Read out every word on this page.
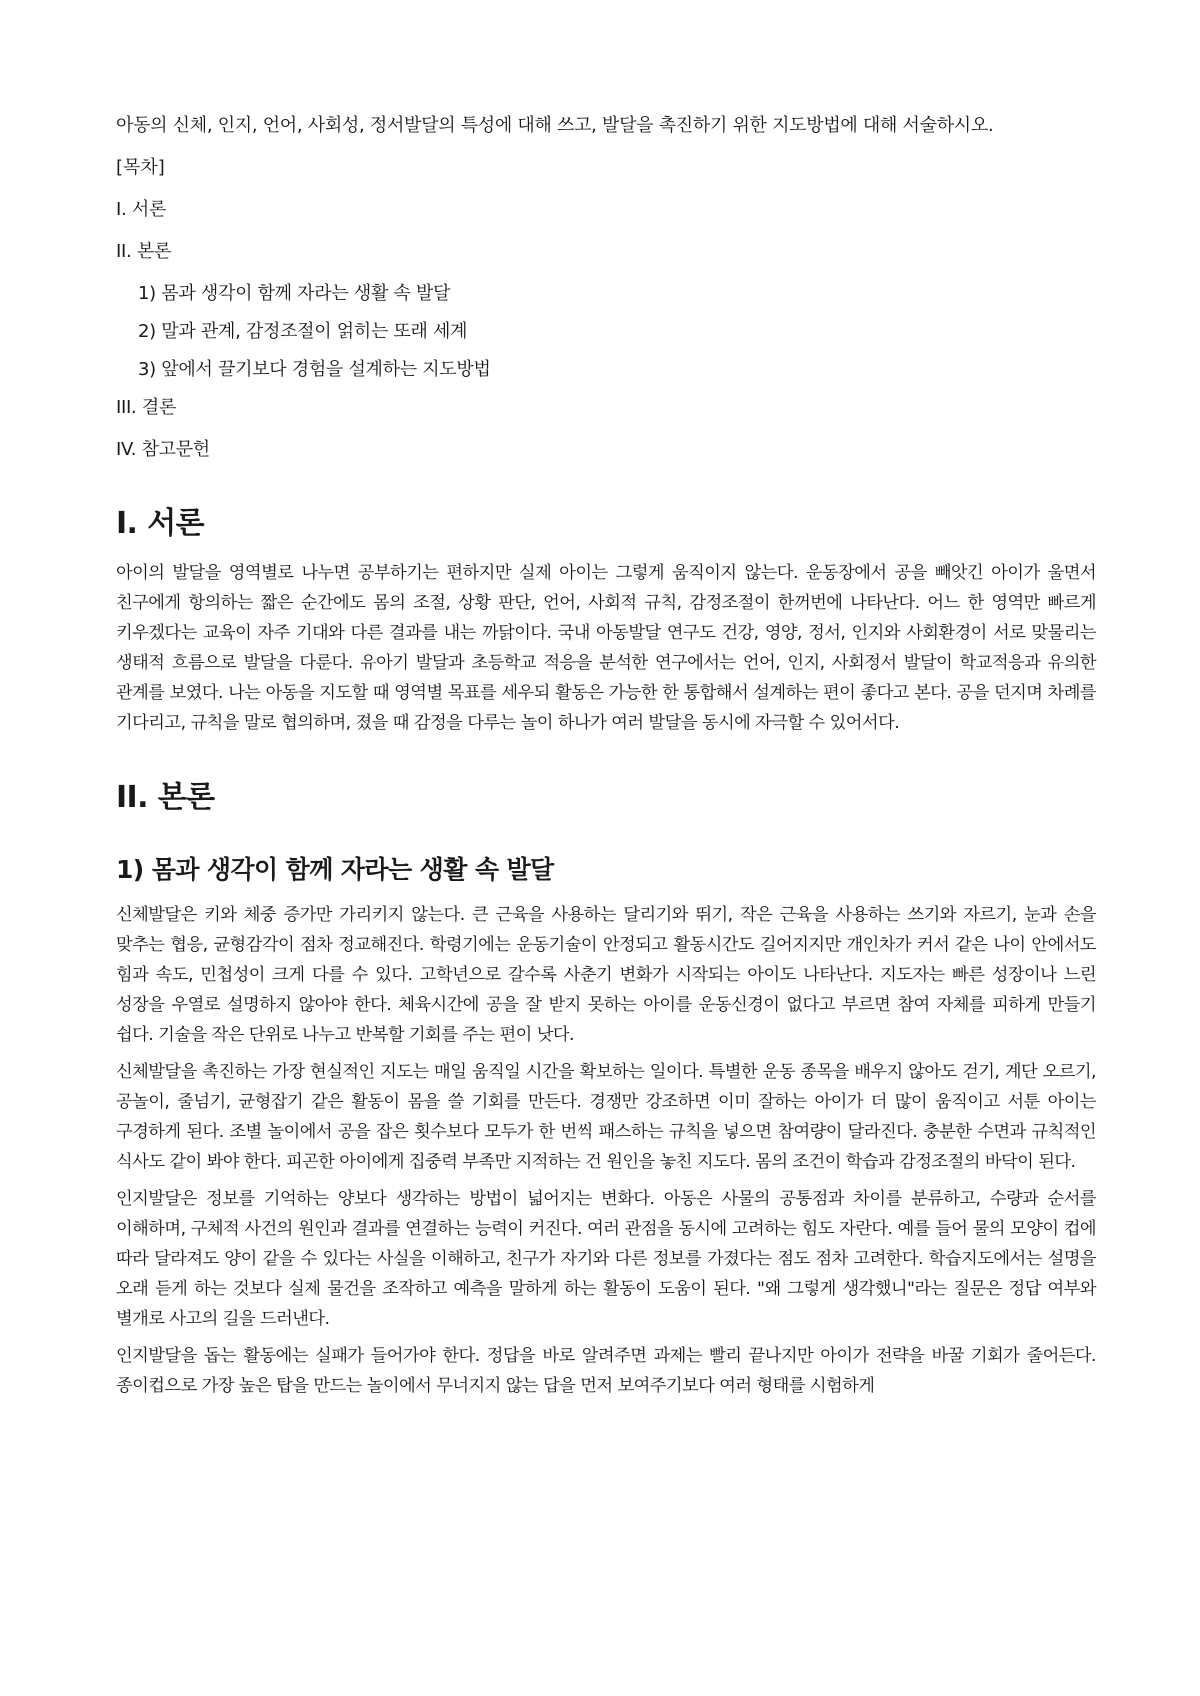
아동의 신체, 인지, 언어, 사회성, 정서발달의 특성에 대해 쓰고, 발달을 촉진하기 위한 지도방법에 대해 서술하시오.

[목차]

I. 서론
II. 본론
1) 몸과 생각이 함께 자라는 생활 속 발달
2) 말과 관계, 감정조절이 얽히는 또래 세계
3) 앞에서 끌기보다 경험을 설계하는 지도방법
III. 결론
IV. 참고문헌
I. 서론

아이의 발달을 영역별로 나누면 공부하기는 편하지만 실제 아이는 그렇게 움직이지 않는다. 운동장에서 공을 빼앗긴 아이가 울면서 친구에게 항의하는 짧은 순간에도 몸의 조절, 상황 판단, 언어, 사회적 규칙, 감정조절이 한꺼번에 나타난다. 어느 한 영역만 빠르게 키우겠다는 교육이 자주 기대와 다른 결과를 내는 까닭이다. 국내 아동발달 연구도 건강, 영양, 정서, 인지와 사회환경이 서로 맞물리는 생태적 흐름으로 발달을 다룬다. 유아기 발달과 초등학교 적응을 분석한 연구에서는 언어, 인지, 사회정서 발달이 학교적응과 유의한 관계를 보였다. 나는 아동을 지도할 때 영역별 목표를 세우되 활동은 가능한 한 통합해서 설계하는 편이 좋다고 본다. 공을 던지며 차례를 기다리고, 규칙을 말로 협의하며, 졌을 때 감정을 다루는 놀이 하나가 여러 발달을 동시에 자극할 수 있어서다.

II. 본론
1) 몸과 생각이 함께 자라는 생활 속 발달

신체발달은 키와 체중 증가만 가리키지 않는다. 큰 근육을 사용하는 달리기와 뛰기, 작은 근육을 사용하는 쓰기와 자르기, 눈과 손을 맞추는 협응, 균형감각이 점차 정교해진다. 학령기에는 운동기술이 안정되고 활동시간도 길어지지만 개인차가 커서 같은 나이 안에서도 힘과 속도, 민첩성이 크게 다를 수 있다. 고학년으로 갈수록 사춘기 변화가 시작되는 아이도 나타난다. 지도자는 빠른 성장이나 느린 성장을 우열로 설명하지 않아야 한다. 체육시간에 공을 잘 받지 못하는 아이를 운동신경이 없다고 부르면 참여 자체를 피하게 만들기 쉽다. 기술을 작은 단위로 나누고 반복할 기회를 주는 편이 낫다.

신체발달을 촉진하는 가장 현실적인 지도는 매일 움직일 시간을 확보하는 일이다. 특별한 운동 종목을 배우지 않아도 걷기, 계단 오르기, 공놀이, 줄넘기, 균형잡기 같은 활동이 몸을 쓸 기회를 만든다. 경쟁만 강조하면 이미 잘하는 아이가 더 많이 움직이고 서툰 아이는 구경하게 된다. 조별 놀이에서 공을 잡은 횟수보다 모두가 한 번씩 패스하는 규칙을 넣으면 참여량이 달라진다. 충분한 수면과 규칙적인 식사도 같이 봐야 한다. 피곤한 아이에게 집중력 부족만 지적하는 건 원인을 놓친 지도다. 몸의 조건이 학습과 감정조절의 바닥이 된다.

인지발달은 정보를 기억하는 양보다 생각하는 방법이 넓어지는 변화다. 아동은 사물의 공통점과 차이를 분류하고, 수량과 순서를 이해하며, 구체적 사건의 원인과 결과를 연결하는 능력이 커진다. 여러 관점을 동시에 고려하는 힘도 자란다. 예를 들어 물의 모양이 컵에 따라 달라져도 양이 같을 수 있다는 사실을 이해하고, 친구가 자기와 다른 정보를 가졌다는 점도 점차 고려한다. 학습지도에서는 설명을 오래 듣게 하는 것보다 실제 물건을 조작하고 예측을 말하게 하는 활동이 도움이 된다. "왜 그렇게 생각했니"라는 질문은 정답 여부와 별개로 사고의 길을 드러낸다.

인지발달을 돕는 활동에는 실패가 들어가야 한다. 정답을 바로 알려주면 과제는 빨리 끝나지만 아이가 전략을 바꿀 기회가 줄어든다. 종이컵으로 가장 높은 탑을 만드는 놀이에서 무너지지 않는 답을 먼저 보여주기보다 여러 형태를 시험하게
